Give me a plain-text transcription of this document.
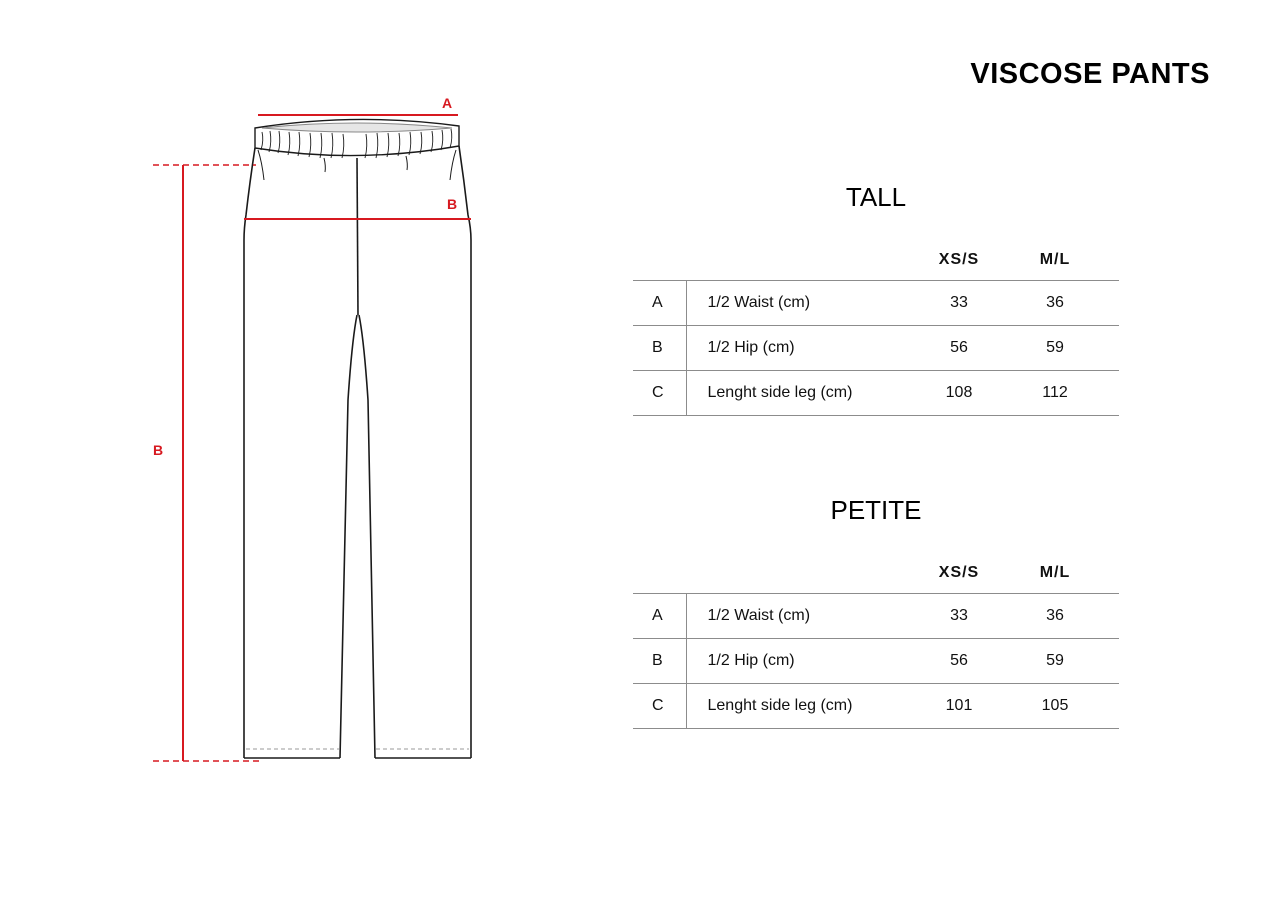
VISCOSE PANTS
A
B
B
TALL
		XS/S	M/L	
A	1/2 Waist (cm)	33	36	
B	1/2 Hip (cm)	56	59	
C	Lenght side leg (cm)	108	112	
PETITE
		XS/S	M/L	
A	1/2 Waist (cm)	33	36	
B	1/2 Hip (cm)	56	59	
C	Lenght side leg (cm)	101	105	
